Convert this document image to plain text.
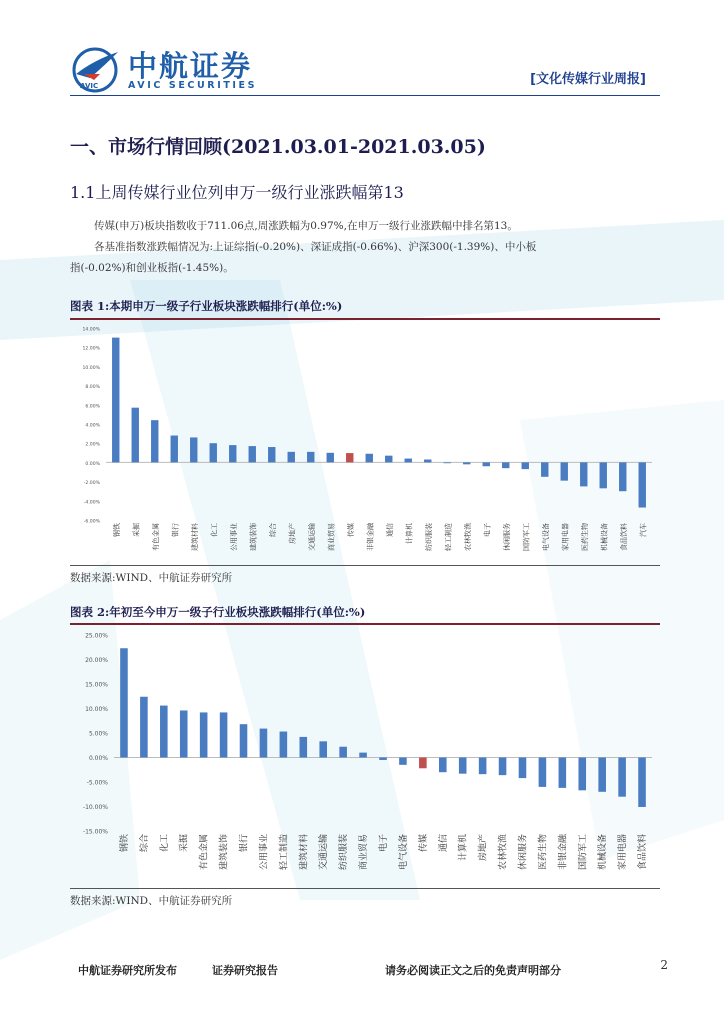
AVIC
中航证券
AVIC SECURITIES	[文化传媒行业周报]
一、市场行情回顾(2021.03.01-2021.03.05)
1.1上周传媒行业位列申万一级行业涨跌幅第13
传媒(申万)板块指数收于711.06点,周涨跌幅为0.97%,在申万一级行业涨跌幅中排名第13。
各基准指数涨跌幅情况为:上证综指(-0.20%)、深证成指(-0.66%)、沪深300(-1.39%)、中小板
指(-0.02%)和创业板指(-1.45%)。
图表 1:本期申万一级子行业板块涨跌幅排行(单位:%)
14.00%
12.00%
10.00%
8.00%
6.00%
4.00%
2.00%
0.00%
-2.00%
-4.00%
-6.00%
钢铁 采掘 有色金属 银行 建筑材料 化工 公用事业 建筑装饰 综合 房地产 交通运输 商业贸易 传媒 非银金融 通信 计算机 纺织服装 轻工制造 农林牧渔 电子 休闲服务 国防军工 电气设备 家用电器 医药生物 机械设备 食品饮料 汽车
数据来源:WIND、中航证券研究所
图表 2:年初至今申万一级子行业板块涨跌幅排行(单位:%)
25.00%
20.00%
15.00%
10.00%
5.00%
0.00%
-5.00%
-10.00%
-15.00%
钢铁 综合 化工 采掘 有色金属 建筑装饰 银行 公用事业 轻工制造 建筑材料 交通运输 纺织服装 商业贸易 电子 电气设备 传媒 通信 计算机 房地产 农林牧渔 休闲服务 医药生物 非银金融 国防军工 机械设备 家用电器 食品饮料
数据来源:WIND、中航证券研究所
中航证券研究所发布	证券研究报告	请务必阅读正文之后的免责声明部分	2
